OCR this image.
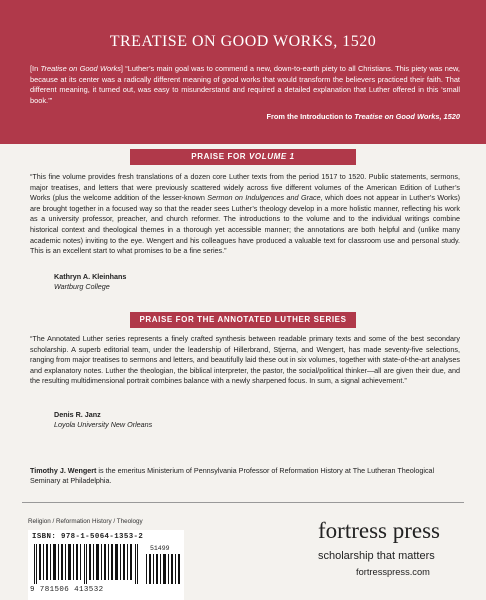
TREATISE ON GOOD WORKS, 1520
[In Treatise on Good Works] “Luther’s main goal was to commend a new, down-to-earth piety to all Christians. This piety was new, because at its center was a radically different meaning of good works that would transform the believers practiced their faith. That different meaning, it turned out, was easy to misunderstand and required a detailed explanation that Luther offered in this ‘small book.’”
From the Introduction to Treatise on Good Works, 1520
PRAISE FOR VOLUME 1
“This fine volume provides fresh translations of a dozen core Luther texts from the period 1517 to 1520. Public statements, sermons, major treatises, and letters that were previously scattered widely across five different volumes of the American Edition of Luther’s Works (plus the welcome addition of the lesser-known Sermon on Indulgences and Grace, which does not appear in Luther’s Works) are brought together in a focused way so that the reader sees Luther’s theology develop in a more holistic manner, reflecting his work as a university professor, preacher, and church reformer. The introductions to the volume and to the individual writings combine historical context and theological themes in a thorough yet accessible manner; the annotations are both helpful and (unlike many academic notes) inviting to the eye. Wengert and his colleagues have produced a valuable text for classroom use and personal study. This is an excellent start to what promises to be a fine series.”
Kathryn A. Kleinhans
Wartburg College
PRAISE FOR THE ANNOTATED LUTHER SERIES
“The Annotated Luther series represents a finely crafted synthesis between readable primary texts and some of the best secondary scholarship. A superb editorial team, under the leadership of Hillerbrand, Stjerna, and Wengert, has made seventy-five selections, ranging from major treatises to sermons and letters, and beautifully laid these out in six volumes, together with state-of-the-art analyses and explanatory notes. Luther the theologian, the biblical interpreter, the pastor, the social/political thinker—all are given their due, and the resulting multidimensional portrait combines balance with a newly sharpened focus. In sum, a signal achievement.”
Denis R. Janz
Loyola University New Orleans
Timothy J. Wengert is the emeritus Ministerium of Pennsylvania Professor of Reformation History at The Lutheran Theological Seminary at Philadelphia.
Religion / Reformation History / Theology
ISBN: 978-1-5064-1353-2
51499
9 781506 413532
fortress press
scholarship that matters
fortresspress.com
